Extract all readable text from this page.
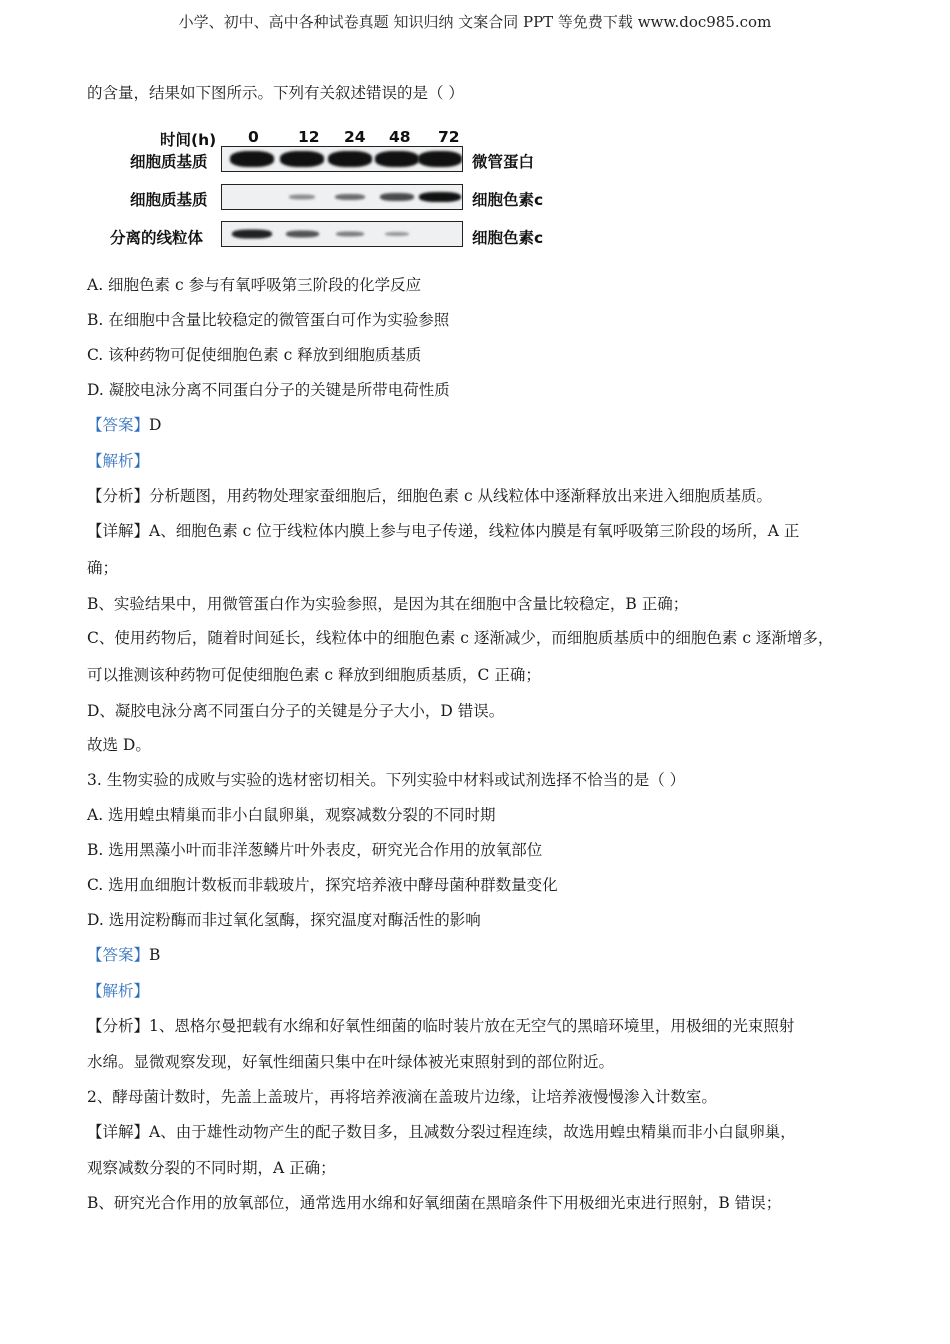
小学、初中、高中各种试卷真题 知识归纳 文案合同 PPT 等免费下载 www.doc985.com
的含量，结果如下图所示。下列有关叙述错误的是（ ）
时间(h) 0	12 24 48 72
细胞质基质	微管蛋白
细胞质基质	细胞色素c
分离的线粒体	细胞色素c
A. 细胞色素 c 参与有氧呼吸第三阶段的化学反应
B. 在细胞中含量比较稳定的微管蛋白可作为实验参照
C. 该种药物可促使细胞色素 c 释放到细胞质基质
D. 凝胶电泳分离不同蛋白分子的关键是所带电荷性质
【答案】D
【解析】
【分析】分析题图，用药物处理家蚕细胞后，细胞色素 c 从线粒体中逐渐释放出来进入细胞质基质。
【详解】A、细胞色素 c 位于线粒体内膜上参与电子传递，线粒体内膜是有氧呼吸第三阶段的场所，A 正
确；
B、实验结果中，用微管蛋白作为实验参照，是因为其在细胞中含量比较稳定，B 正确；
C、使用药物后，随着时间延长，线粒体中的细胞色素 c 逐渐减少，而细胞质基质中的细胞色素 c 逐渐增多，
可以推测该种药物可促使细胞色素 c 释放到细胞质基质，C 正确；
D、凝胶电泳分离不同蛋白分子的关键是分子大小，D 错误。
故选 D。
3. 生物实验的成败与实验的选材密切相关。下列实验中材料或试剂选择不恰当的是（ ）
A. 选用蝗虫精巢而非小白鼠卵巢，观察减数分裂的不同时期
B. 选用黑藻小叶而非洋葱鳞片叶外表皮，研究光合作用的放氧部位
C. 选用血细胞计数板而非载玻片，探究培养液中酵母菌种群数量变化
D. 选用淀粉酶而非过氧化氢酶，探究温度对酶活性的影响
【答案】B
【解析】
【分析】1、恩格尔曼把载有水绵和好氧性细菌的临时装片放在无空气的黑暗环境里，用极细的光束照射
水绵。显微观察发现，好氧性细菌只集中在叶绿体被光束照射到的部位附近。
2、酵母菌计数时，先盖上盖玻片，再将培养液滴在盖玻片边缘，让培养液慢慢渗入计数室。
【详解】A、由于雄性动物产生的配子数目多，且减数分裂过程连续，故选用蝗虫精巢而非小白鼠卵巢，
观察减数分裂的不同时期，A 正确；
B、研究光合作用的放氧部位，通常选用水绵和好氧细菌在黑暗条件下用极细光束进行照射，B 错误；
